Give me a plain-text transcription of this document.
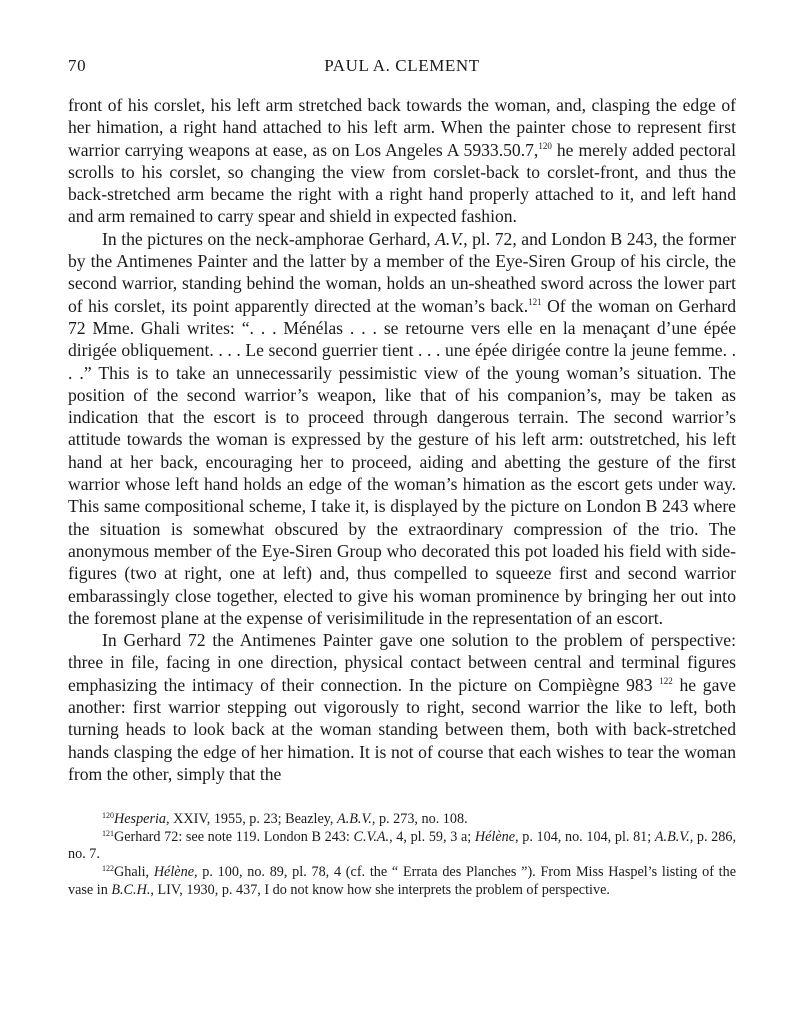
70	PAUL A. CLEMENT

front of his corslet, his left arm stretched back towards the woman, and, clasping the edge of her himation, a right hand attached to his left arm. When the painter chose to represent first warrior carrying weapons at ease, as on Los Angeles A 5933.50.7,$^{120}$ he merely added pectoral scrolls to his corslet, so changing the view from corslet-back to corslet-front, and thus the back-stretched arm became the right with a right hand properly attached to it, and left hand and arm remained to carry spear and shield in expected fashion.

In the pictures on the neck-amphorae Gerhard, A.V., pl. 72, and London B 243, the former by the Antimenes Painter and the latter by a member of the Eye-Siren Group of his circle, the second warrior, standing behind the woman, holds an un-sheathed sword across the lower part of his corslet, its point apparently directed at the woman’s back.$^{121}$ Of the woman on Gerhard 72 Mme. Ghali writes: “. . . Ménélas . . . se retourne vers elle en la menaçant d’une épée dirigée obliquement. . . . Le second guerrier tient . . . une épée dirigée contre la jeune femme. . . .” This is to take an unnecessarily pessimistic view of the young woman’s situation. The position of the second warrior’s weapon, like that of his companion’s, may be taken as indication that the escort is to proceed through dangerous terrain. The second warrior’s attitude towards the woman is expressed by the gesture of his left arm: outstretched, his left hand at her back, encouraging her to proceed, aiding and abetting the gesture of the first warrior whose left hand holds an edge of the woman’s himation as the escort gets under way. This same compositional scheme, I take it, is displayed by the picture on London B 243 where the situation is somewhat obscured by the extraordinary compression of the trio. The anonymous member of the Eye-Siren Group who decorated this pot loaded his field with side-figures (two at right, one at left) and, thus compelled to squeeze first and second warrior embarassingly close together, elected to give his woman prominence by bringing her out into the foremost plane at the expense of verisimilitude in the representation of an escort.

In Gerhard 72 the Antimenes Painter gave one solution to the problem of perspective: three in file, facing in one direction, physical contact between central and terminal figures emphasizing the intimacy of their connection. In the picture on Compiègne 983 $^{122}$ he gave another: first warrior stepping out vigorously to right, second warrior the like to left, both turning heads to look back at the woman standing between them, both with back-stretched hands clasping the edge of her himation. It is not of course that each wishes to tear the woman from the other, simply that the

$^{120}$Hesperia, XXIV, 1955, p. 23; Beazley, A.B.V., p. 273, no. 108.

$^{121}$Gerhard 72: see note 119. London B 243: C.V.A., 4, pl. 59, 3 a; Hélène, p. 104, no. 104, pl. 81; A.B.V., p. 286, no. 7.

$^{122}$Ghali, Hélène, p. 100, no. 89, pl. 78, 4 (cf. the “ Errata des Planches ”). From Miss Haspel’s listing of the vase in B.C.H., LIV, 1930, p. 437, I do not know how she interprets the problem of perspective.
